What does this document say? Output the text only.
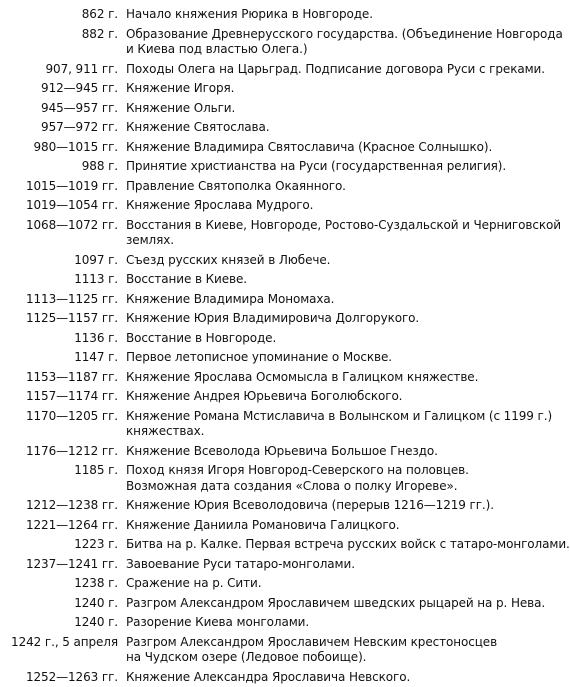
862 г. Начало княжения Рюрика в Новгороде.
882 г. Образование Древнерусского государства. (Объединение Новгорода
и Киева под властью Олега.)
907, 911 гг. Походы Олега на Царьград. Подписание договора Руси с греками.
912—945 гг. Княжение Игоря.
945—957 гг. Княжение Ольги.
957—972 гг. Княжение Святослава.
980—1015 гг. Княжение Владимира Святославича (Красное Солнышко).
988 г. Принятие христианства на Руси (государственная религия).
1015—1019 гг. Правление Святополка Окаянного.
1019—1054 гг. Княжение Ярослава Мудрого.
1068—1072 гг. Восстания в Киеве, Новгороде, Ростово-Суздальской и Черниговской
землях.
1097 г. Съезд русских князей в Любече.
1113 г. Восстание в Киеве.
1113—1125 гг. Княжение Владимира Мономаха.
1125—1157 гг. Княжение Юрия Владимировича Долгорукого.
1136 г. Восстание в Новгороде.
1147 г. Первое летописное упоминание о Москве.
1153—1187 гг. Княжение Ярослава Осмомысла в Галицком княжестве.
1157—1174 гг. Княжение Андрея Юрьевича Боголюбского.
1170—1205 гг. Княжение Романа Мстиславича в Волынском и Галицком (с 1199 г.)
княжествах.
1176—1212 гг. Княжение Всеволода Юрьевича Большое Гнездо.
1185 г. Поход князя Игоря Новгород-Северского на половцев.
Возможная дата создания «Слова о полку Игореве».
1212—1238 гг. Княжение Юрия Всеволодовича (перерыв 1216—1219 гг.).
1221—1264 гг. Княжение Даниила Романовича Галицкого.
1223 г. Битва на р. Калке. Первая встреча русских войск с татаро-монголами.
1237—1241 гг. Завоевание Руси татаро-монголами.
1238 г. Сражение на р. Сити.
1240 г. Разгром Александром Ярославичем шведских рыцарей на р. Нева.
1240 г. Разорение Киева монголами.
1242 г., 5 апреля Разгром Александром Ярославичем Невским крестоносцев
на Чудском озере (Ледовое побоище).
1252—1263 гг. Княжение Александра Ярославича Невского.
